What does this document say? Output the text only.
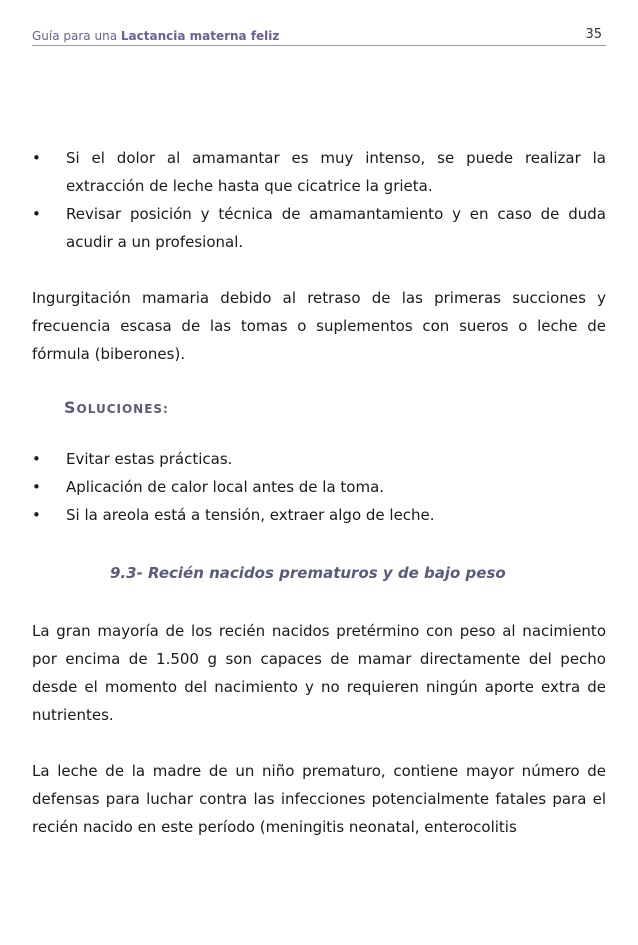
Guía para una Lactancia materna feliz	35
•	Si el dolor al amamantar es muy intenso, se puede realizar la extracción de leche hasta que cicatrice la grieta.
•	Revisar posición y técnica de amamantamiento y en caso de duda acudir a un profesional.

Ingurgitación mamaria debido al retraso de las primeras succiones y frecuencia escasa de las tomas o suplementos con sueros o leche de fórmula (biberones).

SOLUCIONES:
•	Evitar estas prácticas.
•	Aplicación de calor local antes de la toma.
•	Si la areola está a tensión, extraer algo de leche.
9.3- Recién nacidos prematuros y de bajo peso

La gran mayoría de los recién nacidos pretérmino con peso al nacimiento por encima de 1.500 g son capaces de mamar directamente del pecho desde el momento del nacimiento y no requieren ningún aporte extra de nutrientes.

La leche de la madre de un niño prematuro, contiene mayor número de defensas para luchar contra las infecciones potencialmente fatales para el recién nacido en este período (meningitis neonatal, enterocolitis
